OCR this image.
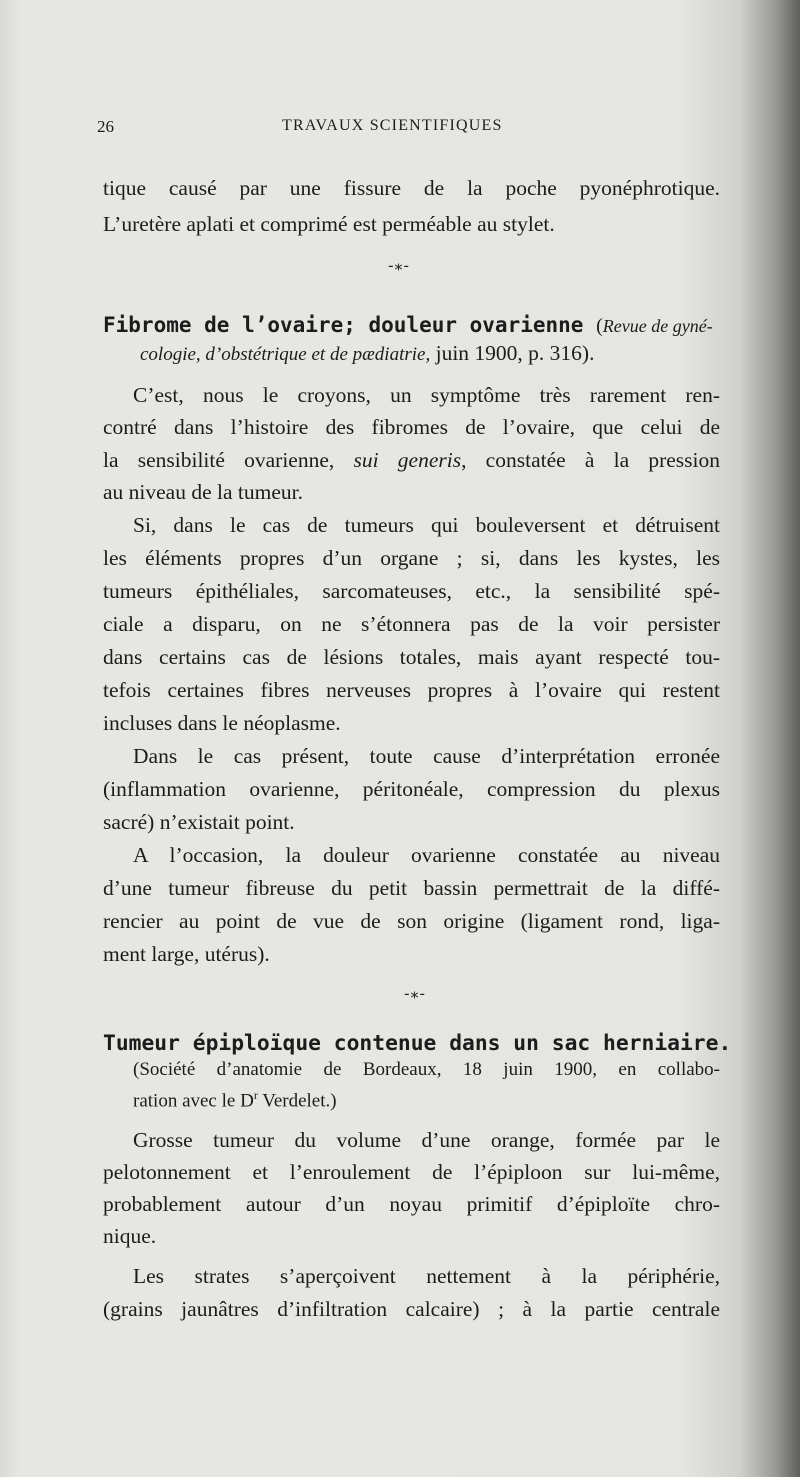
26	TRAVAUX SCIENTIFIQUES
tique causé par une fissure de la poche pyonéphrotique.
L’uretère aplati et comprimé est perméable au stylet.
-⁎-
Fibrome de l’ovaire; douleur ovarienne (Revue de gyné-
cologie, d’obstétrique et de pædiatrie, juin 1900, p. 316).
C’est, nous le croyons, un symptôme très rarement ren-
contré dans l’histoire des fibromes de l’ovaire, que celui de
la sensibilité ovarienne, sui generis, constatée à la pression
au niveau de la tumeur.
Si, dans le cas de tumeurs qui bouleversent et détruisent
les éléments propres d’un organe ; si, dans les kystes, les
tumeurs épithéliales, sarcomateuses, etc., la sensibilité spé-
ciale a disparu, on ne s’étonnera pas de la voir persister
dans certains cas de lésions totales, mais ayant respecté tou-
tefois certaines fibres nerveuses propres à l’ovaire qui restent
incluses dans le néoplasme.
Dans le cas présent, toute cause d’interprétation erronée
(inflammation ovarienne, péritonéale, compression du plexus
sacré) n’existait point.
A l’occasion, la douleur ovarienne constatée au niveau
d’une tumeur fibreuse du petit bassin permettrait de la diffé-
rencier au point de vue de son origine (ligament rond, liga-
ment large, utérus).
-⁎-
Tumeur épiploïque contenue dans un sac herniaire.
(Société d’anatomie de Bordeaux, 18 juin 1900, en collabo-
ration avec le $D^r$ Verdelet.)
Grosse tumeur du volume d’une orange, formée par le
pelotonnement et l’enroulement de l’épiploon sur lui-même,
probablement autour d’un noyau primitif d’épiploïte chro-
nique.
Les strates s’aperçoivent nettement à la périphérie,
(grains jaunâtres d’infiltration calcaire) ; à la partie centrale
